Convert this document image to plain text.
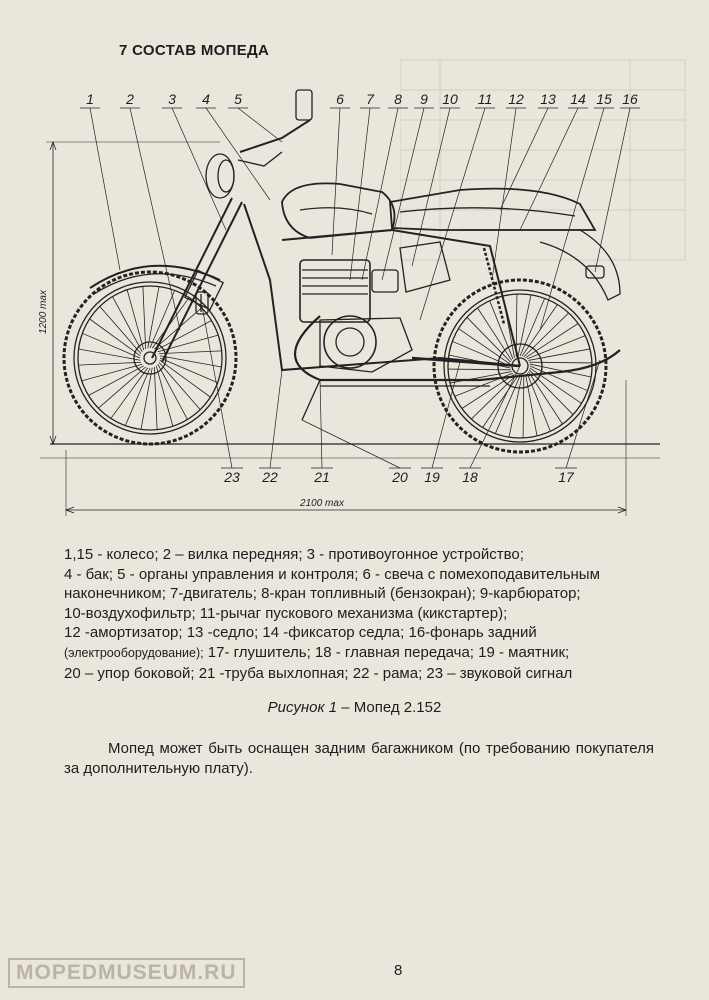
7 СОСТАВ МОПЕДА
1 2 3 4 5	6 7 8 9 10 11 12 13 14 15 16
23 22	21	20 19 18	17
1200 max
2100 max

1,15 - колесо; 2 – вилка передняя; 3 - противоугонное устройство;

4 - бак; 5 - органы управления и контроля; 6 - свеча с помехоподавительным

наконечником; 7-двигатель; 8-кран топливный (бензокран); 9-карбюратор;

10-воздухофильтр; 11-рычаг пускового механизма (кикстартер);

12 -амортизатор; 13 -седло; 14 -фиксатор седла; 16-фонарь задний

(электрооборудование); 17- глушитель; 18 - главная передача; 19 - маятник;

20 – упор боковой; 21 -труба выхлопная; 22 - рама; 23 – звуковой сигнал

Рисунок 1 – Мопед 2.152
Мопед может быть оснащен задним багажником (по требованию покупателя за дополнительную плату).
MOPEDMUSEUM.RU	8
